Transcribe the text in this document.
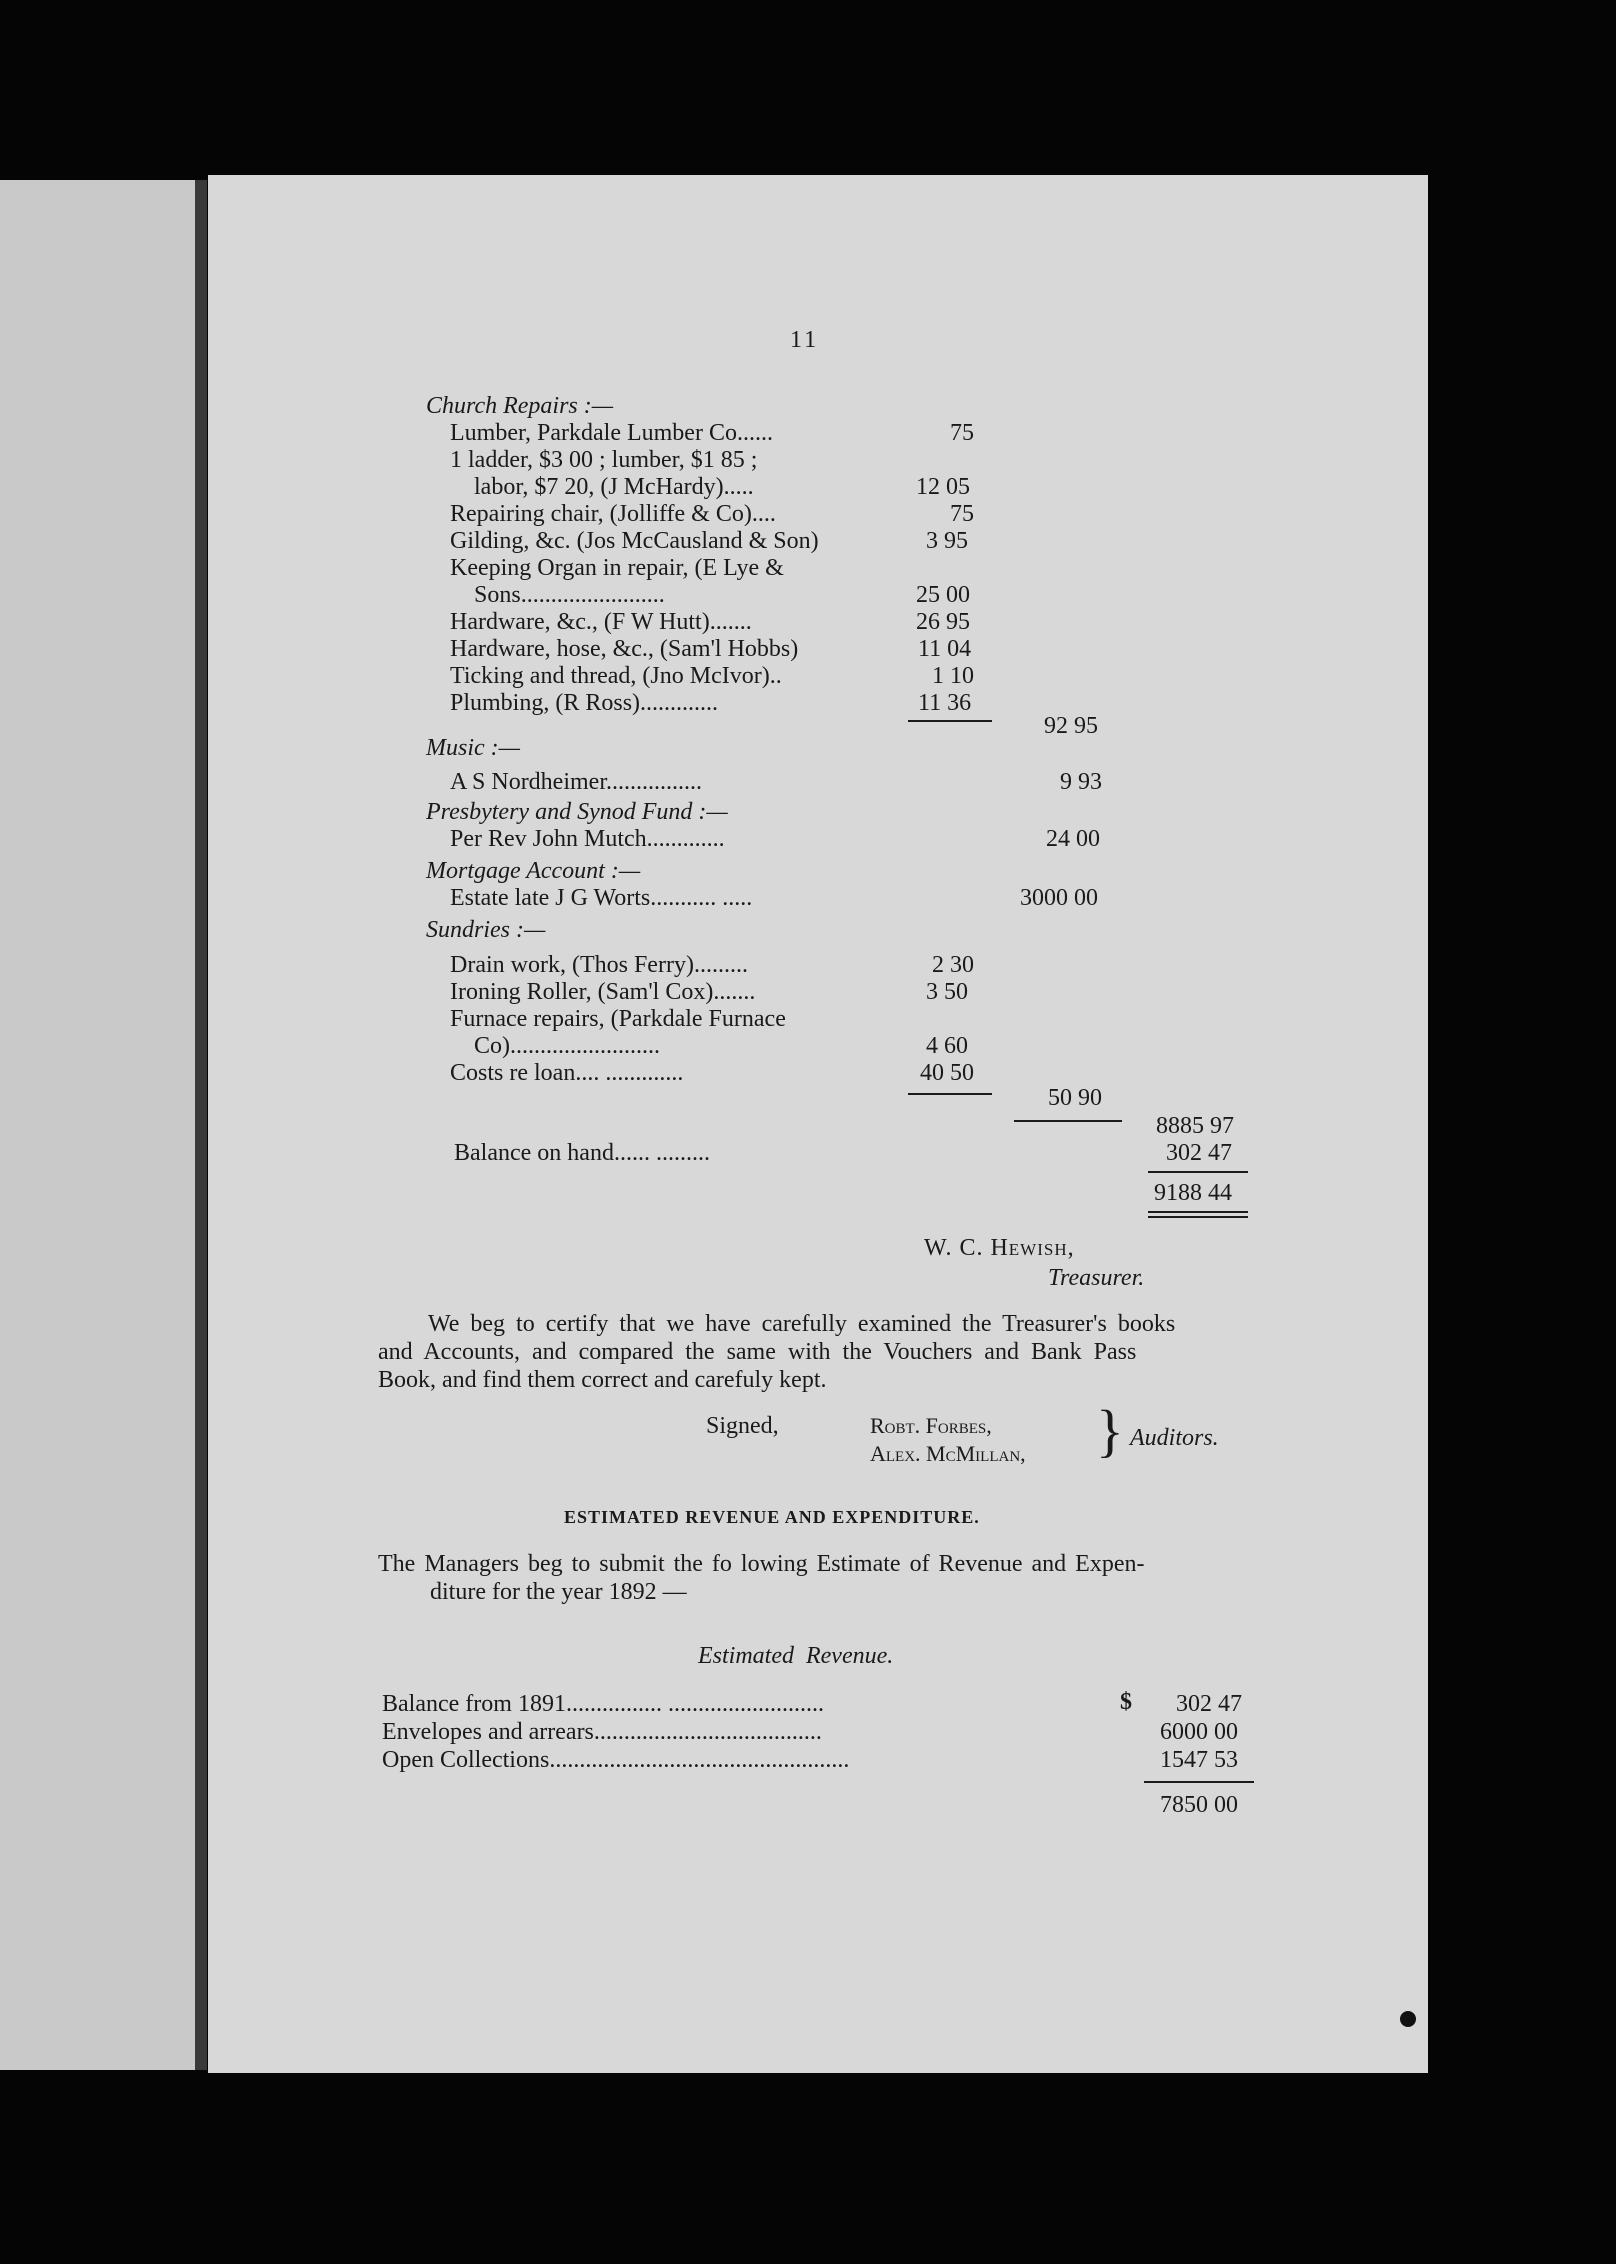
11
Church Repairs :—
Lumber, Parkdale Lumber Co......	75
1 ladder, $3 00 ; lumber, $1 85 ;
labor, $7 20, (J McHardy).....	12 05
Repairing chair, (Jolliffe & Co)....	75
Gilding, &c. (Jos McCausland & Son)	3 95
Keeping Organ in repair, (E Lye &
Sons........................	25 00
Hardware, &c., (F W Hutt).......	26 95
Hardware, hose, &c., (Sam'l Hobbs)	11 04
Ticking and thread, (Jno McIvor)..	1 10
Plumbing, (R Ross).............	11 36
92 95
Music :—
A S Nordheimer................	9 93
Presbytery and Synod Fund :—
Per Rev John Mutch.............	24 00
Mortgage Account :—
Estate late J G Worts........... .....	3000 00
Sundries :—
Drain work, (Thos Ferry).........	2 30
Ironing Roller, (Sam'l Cox).......	3 50
Furnace repairs, (Parkdale Furnace
Co).........................	4 60
Costs re loan.... .............	40 50
50 90
8885 97
Balance on hand...... .........	302 47
9188 44
W. C. Hewish,
Treasurer.
We beg to certify that we have carefully examined the Treasurer's books
and Accounts, and compared the same with the Vouchers and Bank Pass
Book, and find them correct and carefuly kept.
Signed,	Robt. Forbes,
Alex. McMillan, } Auditors.
ESTIMATED REVENUE AND EXPENDITURE.
The Managers beg to submit the fo lowing Estimate of Revenue and Expen-
diture for the year 1892 —
Estimated Revenue.
Balance from 1891................ ..........................	$ 302 47
Envelopes and arrears......................................	6000 00
Open Collections..................................................	1547 53
7850 00
